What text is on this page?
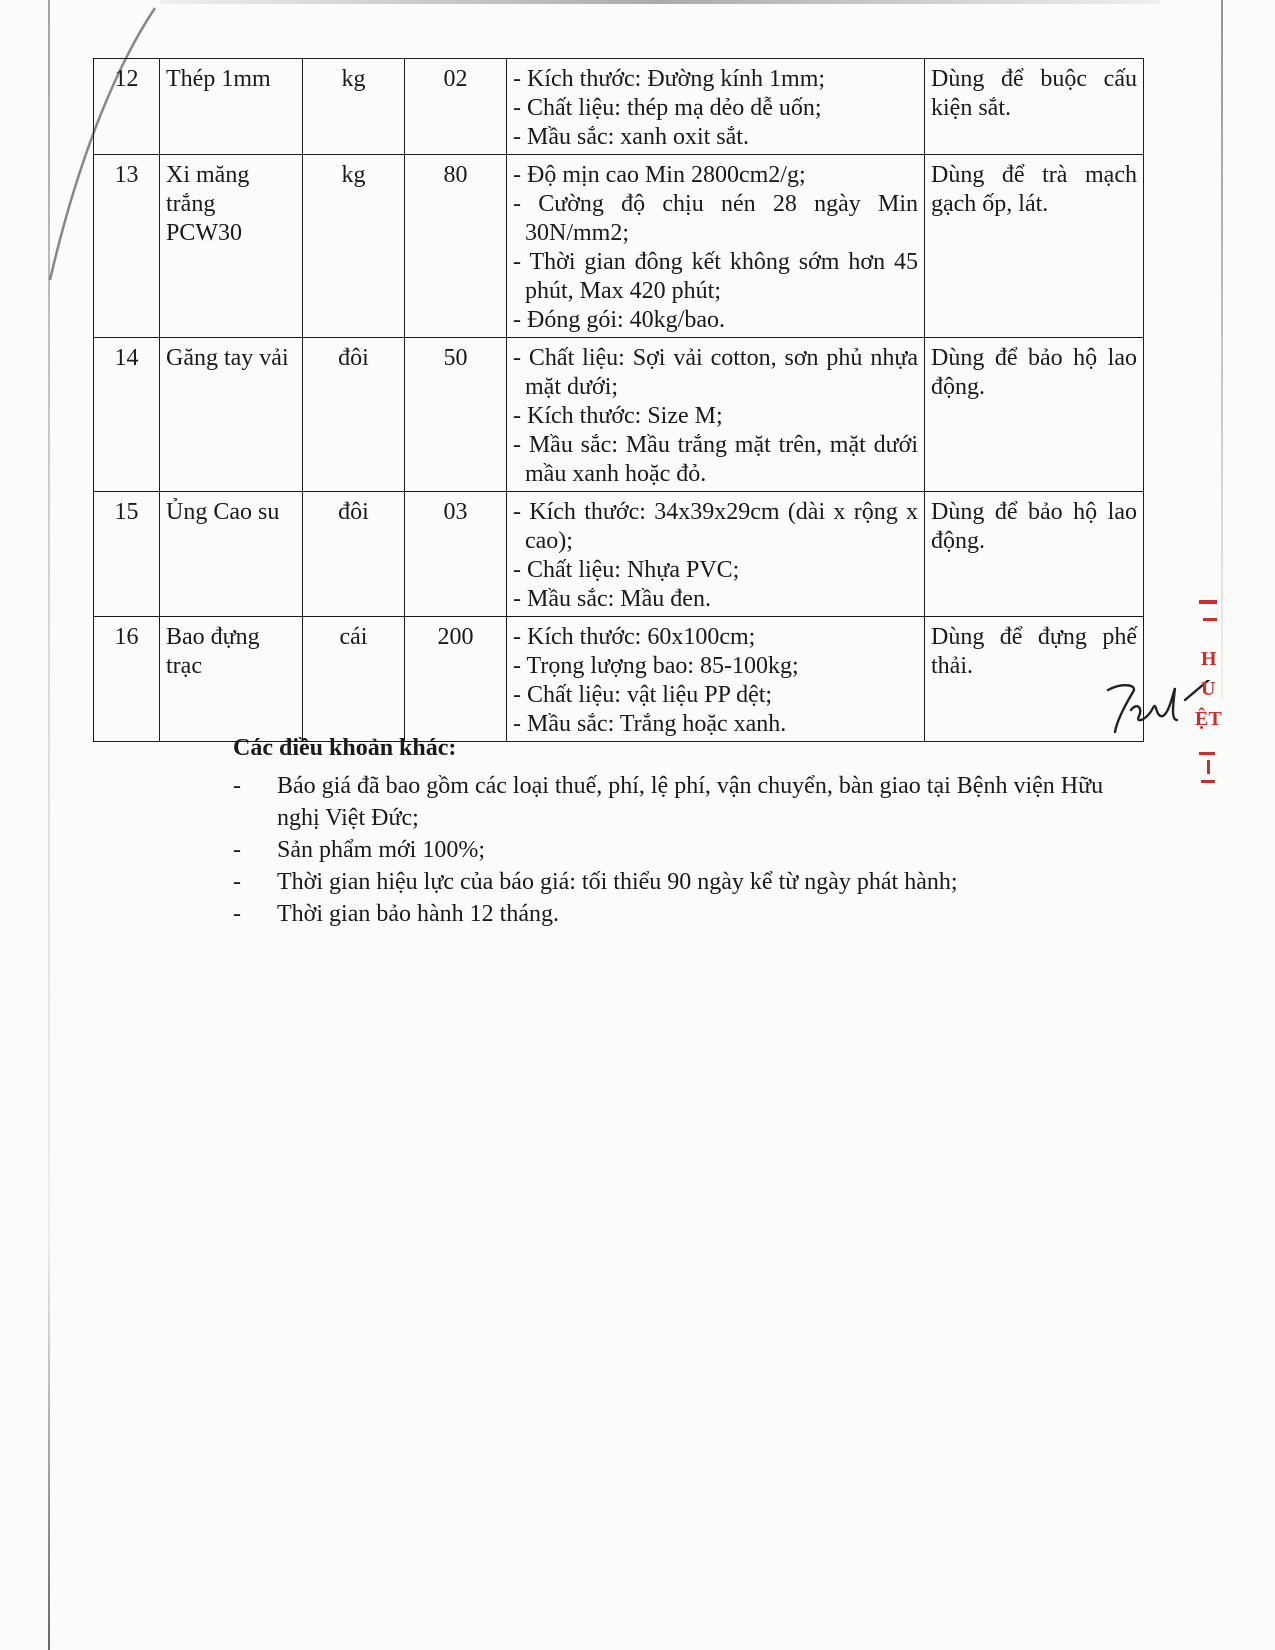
12	Thép 1mm	kg	02	- Kích thước: Đường kính 1mm;
- Chất liệu: thép mạ dẻo dễ uốn;
- Mầu sắc: xanh oxit sắt.	Dùng để buộc cấu kiện sắt.
13	Xi măng trắng PCW30	kg	80	- Độ mịn cao Min 2800cm2/g;
- Cường độ chịu nén 28 ngày Min 30N/mm2;
- Thời gian đông kết không sớm hơn 45 phút, Max 420 phút;
- Đóng gói: 40kg/bao.	Dùng để trà mạch gạch ốp, lát.
14	Găng tay vải	đôi	50	- Chất liệu: Sợi vải cotton, sơn phủ nhựa mặt dưới;
- Kích thước: Size M;
- Mầu sắc: Mầu trắng mặt trên, mặt dưới mầu xanh hoặc đỏ.	Dùng để bảo hộ lao động.
15	Ủng Cao su	đôi	03	- Kích thước: 34x39x29cm (dài x rộng x cao);
- Chất liệu: Nhựa PVC;
- Mầu sắc: Mầu đen.	Dùng để bảo hộ lao động.
16	Bao đựng trạc	cái	200	- Kích thước: 60x100cm;
- Trọng lượng bao: 85-100kg;
- Chất liệu: vật liệu PP dệt;
- Mầu sắc: Trắng hoặc xanh.	Dùng để đựng phế thải.
Các điều khoản khác:
- Báo giá đã bao gồm các loại thuế, phí, lệ phí, vận chuyển, bàn giao tại Bệnh viện Hữu nghị Việt Đức;
- Sản phẩm mới 100%;
- Thời gian hiệu lực của báo giá: tối thiểu 90 ngày kể từ ngày phát hành;
- Thời gian bảo hành 12 tháng.
H
U
ỆT
